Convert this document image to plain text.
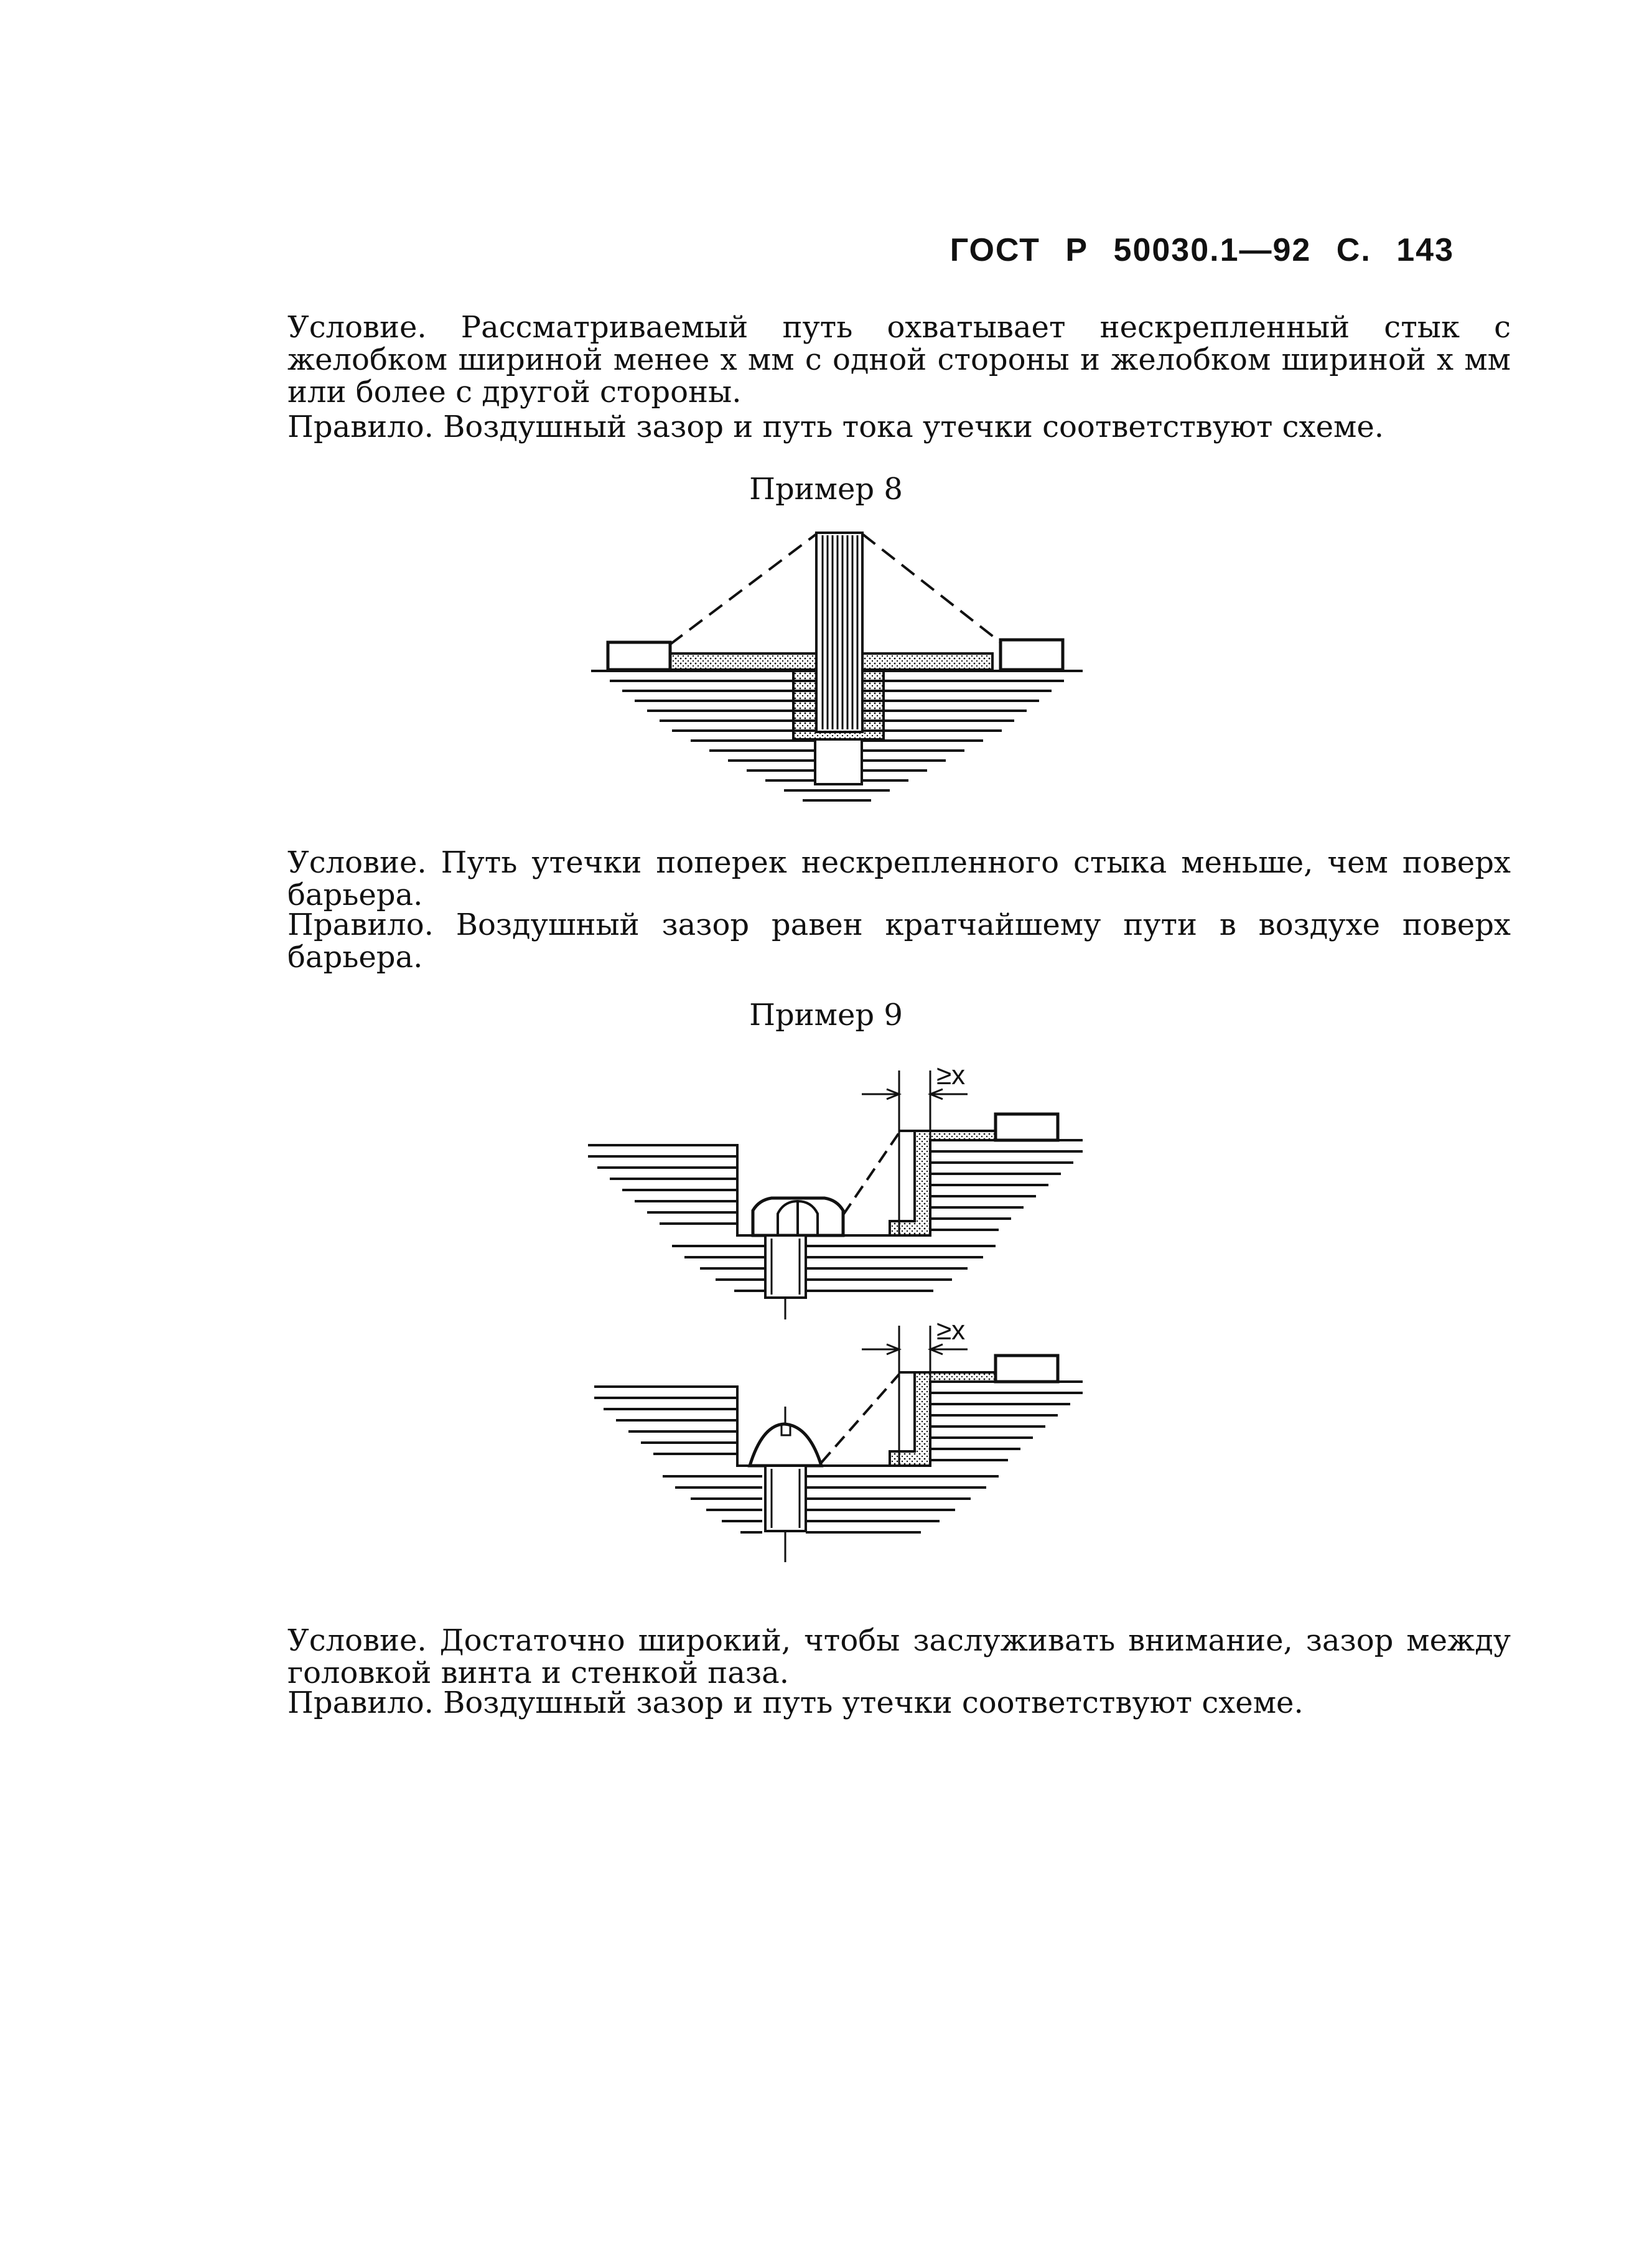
ГОСТ Р 50030.1—92 С. 143

Условие. Рассматриваемый путь охватывает нескрепленный стык с желобком шириной менее x мм с одной стороны и желобком шириной x мм или более с другой стороны.

Правило. Воздушный зазор и путь тока утечки соответствуют схеме.

Пример 8

Условие. Путь утечки поперек нескрепленного стыка меньше, чем поверх барьера.

Правило. Воздушный зазор равен кратчайшему пути в воздухе поверх барьера.

Пример 9
≥x
≥x

Условие. Достаточно широкий, чтобы заслуживать внимание, зазор между головкой винта и стенкой паза.

Правило. Воздушный зазор и путь утечки соответствуют схеме.
